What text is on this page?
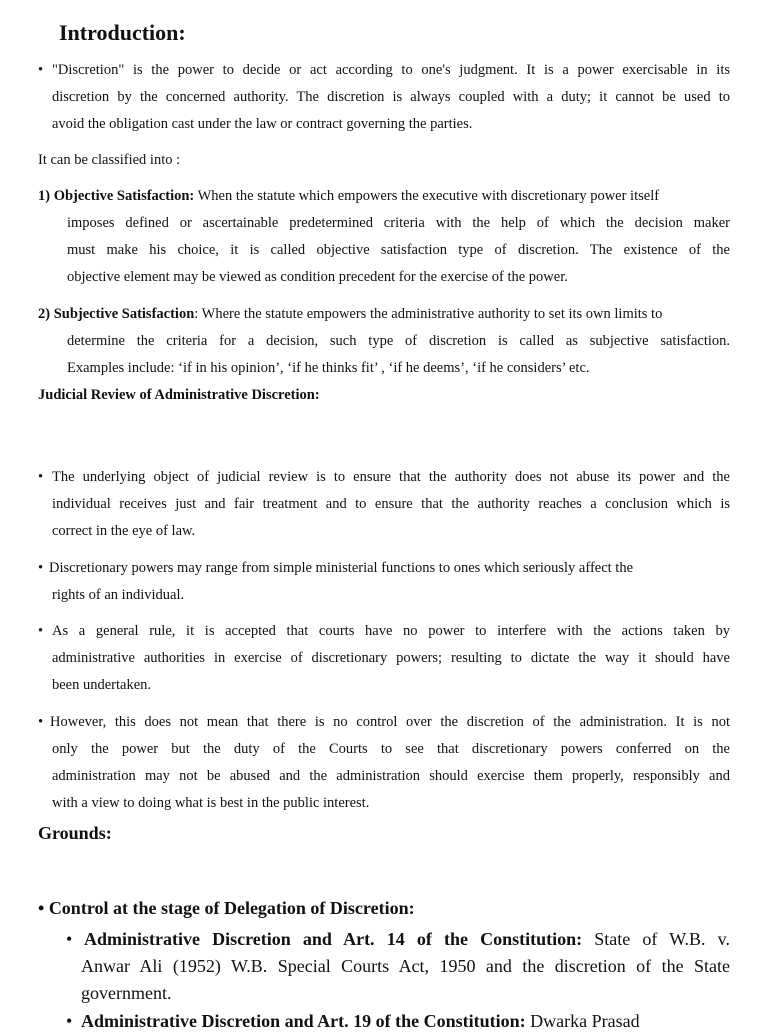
Introduction:
• "Discretion" is the power to decide or act according to one's judgment. It is a power exercisable in its
discretion by the concerned authority. The discretion is always coupled with a duty; it cannot be used to
avoid the obligation cast under the law or contract governing the parties.
It can be classified into :
1) Objective Satisfaction: When the statute which empowers the executive with discretionary power itself
imposes defined or ascertainable predetermined criteria with the help of which the decision maker
must make his choice, it is called objective satisfaction type of discretion. The existence of the
objective element may be viewed as condition precedent for the exercise of the power.
2) Subjective Satisfaction: Where the statute empowers the administrative authority to set its own limits to
determine the criteria for a decision, such type of discretion is called as subjective satisfaction.
Examples include: ‘if in his opinion’, ‘if he thinks fit’ , ‘if he deems’, ‘if he considers’ etc.
Judicial Review of Administrative Discretion:
• The underlying object of judicial review is to ensure that the authority does not abuse its power and the
individual receives just and fair treatment and to ensure that the authority reaches a conclusion which is
correct in the eye of law.
• Discretionary powers may range from simple ministerial functions to ones which seriously affect the
rights of an individual.
• As a general rule, it is accepted that courts have no power to interfere with the actions taken by
administrative authorities in exercise of discretionary powers; resulting to dictate the way it should have
been undertaken.
• However, this does not mean that there is no control over the discretion of the administration. It is not
only the power but the duty of the Courts to see that discretionary powers conferred on the
administration may not be abused and the administration should exercise them properly, responsibly and
with a view to doing what is best in the public interest.
Grounds:
• Control at the stage of Delegation of Discretion:
• Administrative Discretion and Art. 14 of the Constitution: State of W.B. v.
Anwar Ali (1952) W.B. Special Courts Act, 1950 and the discretion of the State
government.
• Administrative Discretion and Art. 19 of the Constitution: Dwarka Prasad
